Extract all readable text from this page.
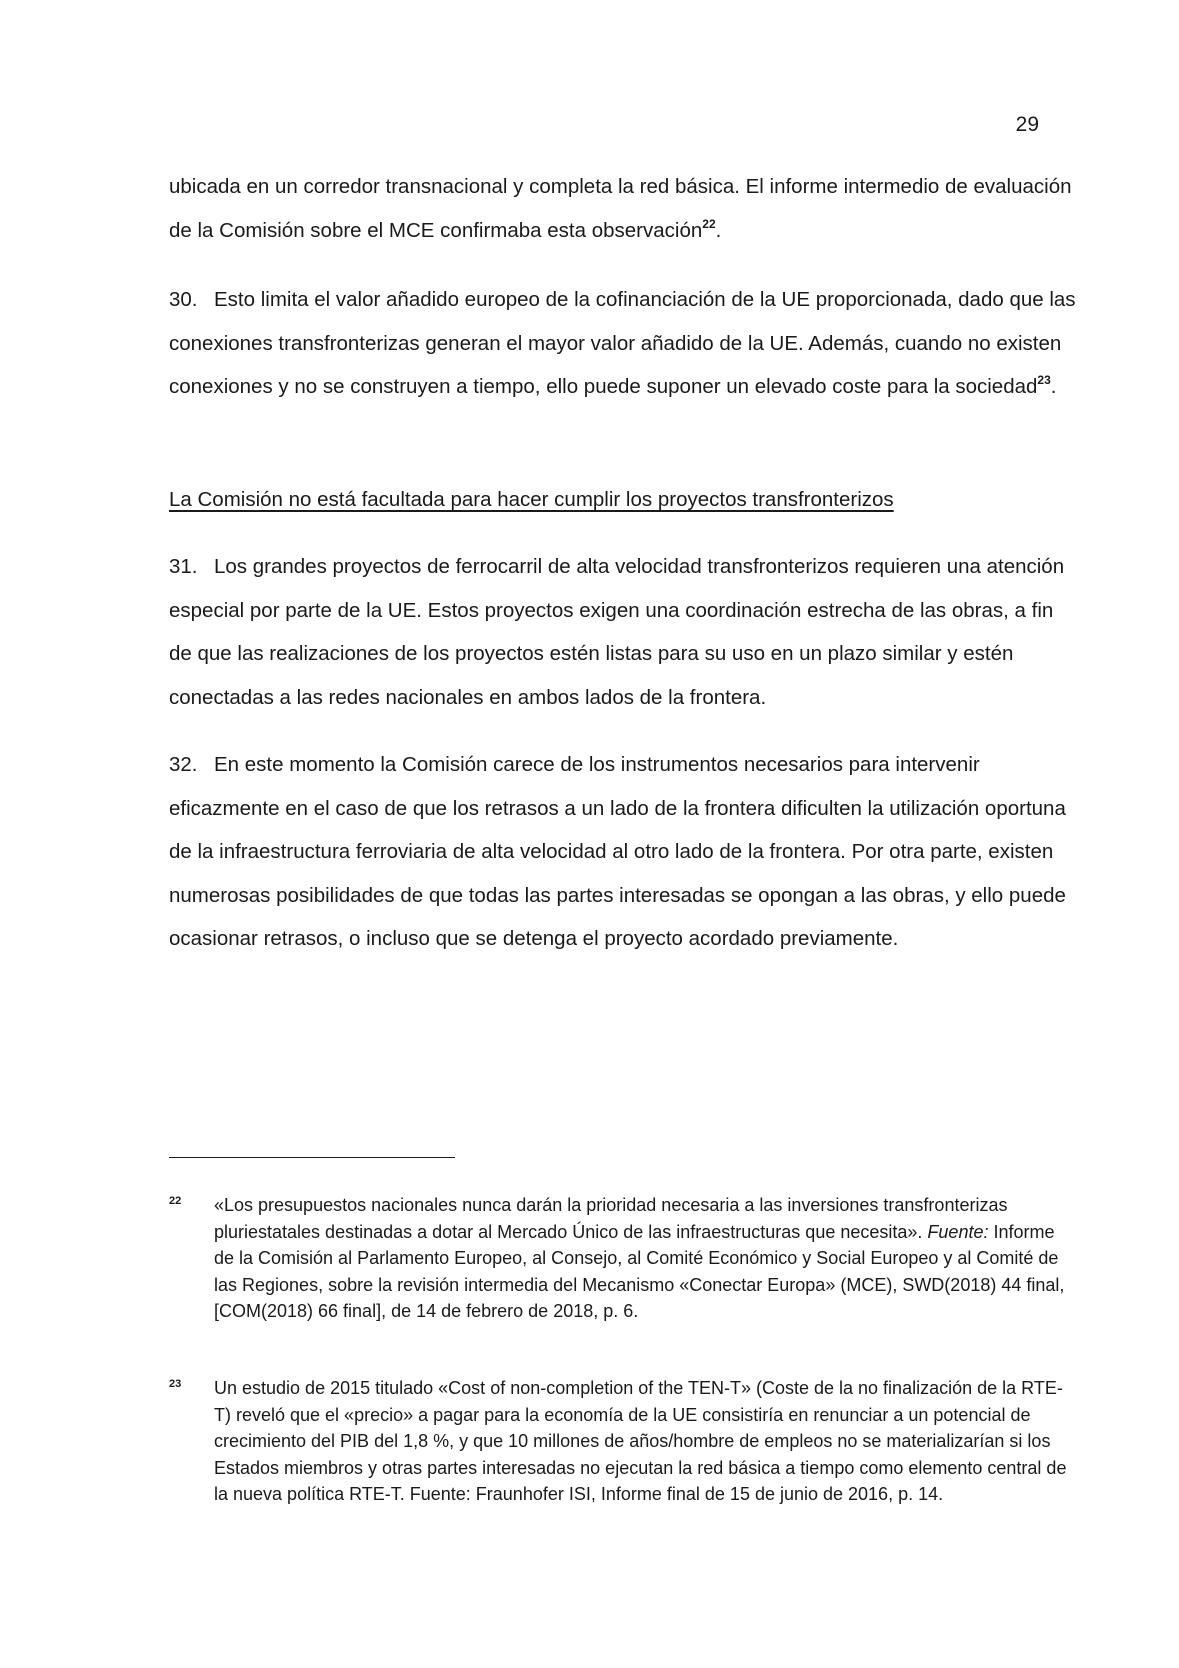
29

ubicada en un corredor transnacional y completa la red básica. El informe intermedio de evaluación de la Comisión sobre el MCE confirmaba esta observación$^{22}$.

30. Esto limita el valor añadido europeo de la cofinanciación de la UE proporcionada, dado que las conexiones transfronterizas generan el mayor valor añadido de la UE. Además, cuando no existen conexiones y no se construyen a tiempo, ello puede suponer un elevado coste para la sociedad$^{23}$.

La Comisión no está facultada para hacer cumplir los proyectos transfronterizos

31. Los grandes proyectos de ferrocarril de alta velocidad transfronterizos requieren una atención especial por parte de la UE. Estos proyectos exigen una coordinación estrecha de las obras, a fin de que las realizaciones de los proyectos estén listas para su uso en un plazo similar y estén conectadas a las redes nacionales en ambos lados de la frontera.

32. En este momento la Comisión carece de los instrumentos necesarios para intervenir eficazmente en el caso de que los retrasos a un lado de la frontera dificulten la utilización oportuna de la infraestructura ferroviaria de alta velocidad al otro lado de la frontera. Por otra parte, existen numerosas posibilidades de que todas las partes interesadas se opongan a las obras, y ello puede ocasionar retrasos, o incluso que se detenga el proyecto acordado previamente.

22 «Los presupuestos nacionales nunca darán la prioridad necesaria a las inversiones transfronterizas pluriestatales destinadas a dotar al Mercado Único de las infraestructuras que necesita». Fuente: Informe de la Comisión al Parlamento Europeo, al Consejo, al Comité Económico y Social Europeo y al Comité de las Regiones, sobre la revisión intermedia del Mecanismo «Conectar Europa» (MCE), SWD(2018) 44 final, [COM(2018) 66 final], de 14 de febrero de 2018, p. 6.
23 Un estudio de 2015 titulado «Cost of non-completion of the TEN-T» (Coste de la no finalización de la RTE-T) reveló que el «precio» a pagar para la economía de la UE consistiría en renunciar a un potencial de crecimiento del PIB del 1,8 %, y que 10 millones de años/hombre de empleos no se materializarían si los Estados miembros y otras partes interesadas no ejecutan la red básica a tiempo como elemento central de la nueva política RTE-T. Fuente: Fraunhofer ISI, Informe final de 15 de junio de 2016, p. 14.
